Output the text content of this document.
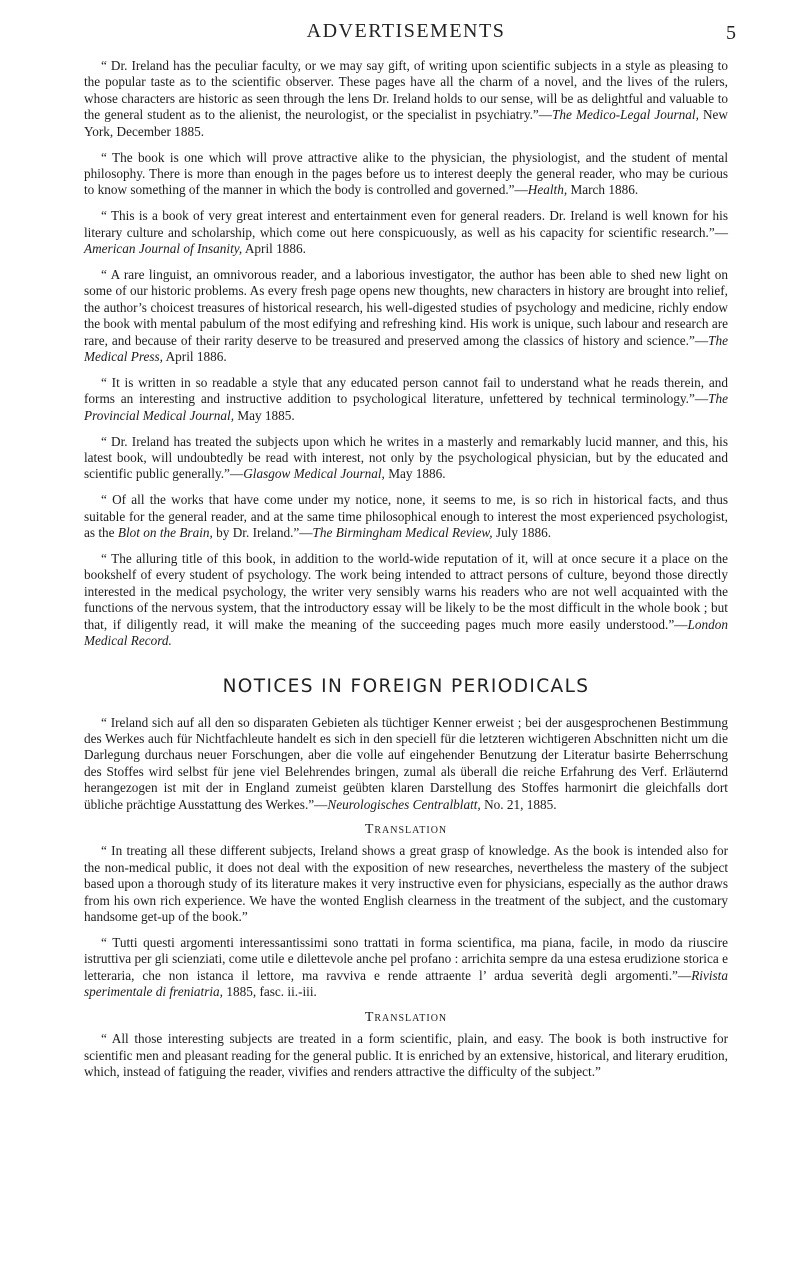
ADVERTISEMENTS	5

“ Dr. Ireland has the peculiar faculty, or we may say gift, of writing upon scientific subjects in a style as pleasing to the popular taste as to the scientific observer. These pages have all the charm of a novel, and the lives of the rulers, whose characters are historic as seen through the lens Dr. Ireland holds to our sense, will be as delightful and valuable to the general student as to the alienist, the neurologist, or the specialist in psychiatry.”—The Medico-Legal Journal, New York, December 1885.

“ The book is one which will prove attractive alike to the physician, the physiologist, and the student of mental philosophy. There is more than enough in the pages before us to interest deeply the general reader, who may be curious to know something of the manner in which the body is controlled and governed.”—Health, March 1886.

“ This is a book of very great interest and entertainment even for general readers. Dr. Ireland is well known for his literary culture and scholarship, which come out here conspicuously, as well as his capacity for scientific research.”—American Journal of Insanity, April 1886.

“ A rare linguist, an omnivorous reader, and a laborious investigator, the author has been able to shed new light on some of our historic problems. As every fresh page opens new thoughts, new characters in history are brought into relief, the author’s choicest treasures of historical research, his well-digested studies of psychology and medicine, richly endow the book with mental pabulum of the most edifying and refreshing kind. His work is unique, such labour and research are rare, and because of their rarity deserve to be treasured and preserved among the classics of history and science.”—The Medical Press, April 1886.

“ It is written in so readable a style that any educated person cannot fail to understand what he reads therein, and forms an interesting and instructive addition to psychological literature, unfettered by technical terminology.”—The Provincial Medical Journal, May 1885.

“ Dr. Ireland has treated the subjects upon which he writes in a masterly and remarkably lucid manner, and this, his latest book, will undoubtedly be read with interest, not only by the psychological physician, but by the educated and scientific public generally.”—Glasgow Medical Journal, May 1886.

“ Of all the works that have come under my notice, none, it seems to me, is so rich in historical facts, and thus suitable for the general reader, and at the same time philosophical enough to interest the most experienced psychologist, as the Blot on the Brain, by Dr. Ireland.”—The Birmingham Medical Review, July 1886.

“ The alluring title of this book, in addition to the world-wide reputation of it, will at once secure it a place on the bookshelf of every student of psychology. The work being intended to attract persons of culture, beyond those directly interested in the medical psychology, the writer very sensibly warns his readers who are not well acquainted with the functions of the nervous system, that the introductory essay will be likely to be the most difficult in the whole book ; but that, if diligently read, it will make the meaning of the succeeding pages much more easily understood.”—London Medical Record.

NOTICES IN FOREIGN PERIODICALS

“ Ireland sich auf all den so disparaten Gebieten als tüchtiger Kenner erweist ; bei der ausgesprochenen Bestimmung des Werkes auch für Nichtfachleute handelt es sich in den speciell für die letzteren wichtigeren Abschnitten nicht um die Darlegung durchaus neuer Forschungen, aber die volle auf eingehender Benutzung der Literatur basirte Beherrschung des Stoffes wird selbst für jene viel Belehrendes bringen, zumal als überall die reiche Erfahrung des Verf. Erläuternd herangezogen ist mit der in England zumeist geübten klaren Darstellung des Stoffes harmonirt die gleichfalls dort übliche prächtige Ausstattung des Werkes.”—Neurologisches Centralblatt, No. 21, 1885.

Translation

“ In treating all these different subjects, Ireland shows a great grasp of knowledge. As the book is intended also for the non-medical public, it does not deal with the exposition of new researches, nevertheless the mastery of the subject based upon a thorough study of its literature makes it very instructive even for physicians, especially as the author draws from his own rich experience. We have the wonted English clearness in the treatment of the subject, and the customary handsome get-up of the book.”

“ Tutti questi argomenti interessantissimi sono trattati in forma scientifica, ma piana, facile, in modo da riuscire istruttiva per gli scienziati, come utile e dilettevole anche pel profano : arrichita sempre da una estesa erudizione storica e letteraria, che non istanca il lettore, ma ravviva e rende attraente l’ ardua severità degli argomenti.”—Rivista sperimentale di freniatria, 1885, fasc. ii.-iii.

Translation

“ All those interesting subjects are treated in a form scientific, plain, and easy. The book is both instructive for scientific men and pleasant reading for the general public. It is enriched by an extensive, historical, and literary erudition, which, instead of fatiguing the reader, vivifies and renders attractive the difficulty of the subject.”
